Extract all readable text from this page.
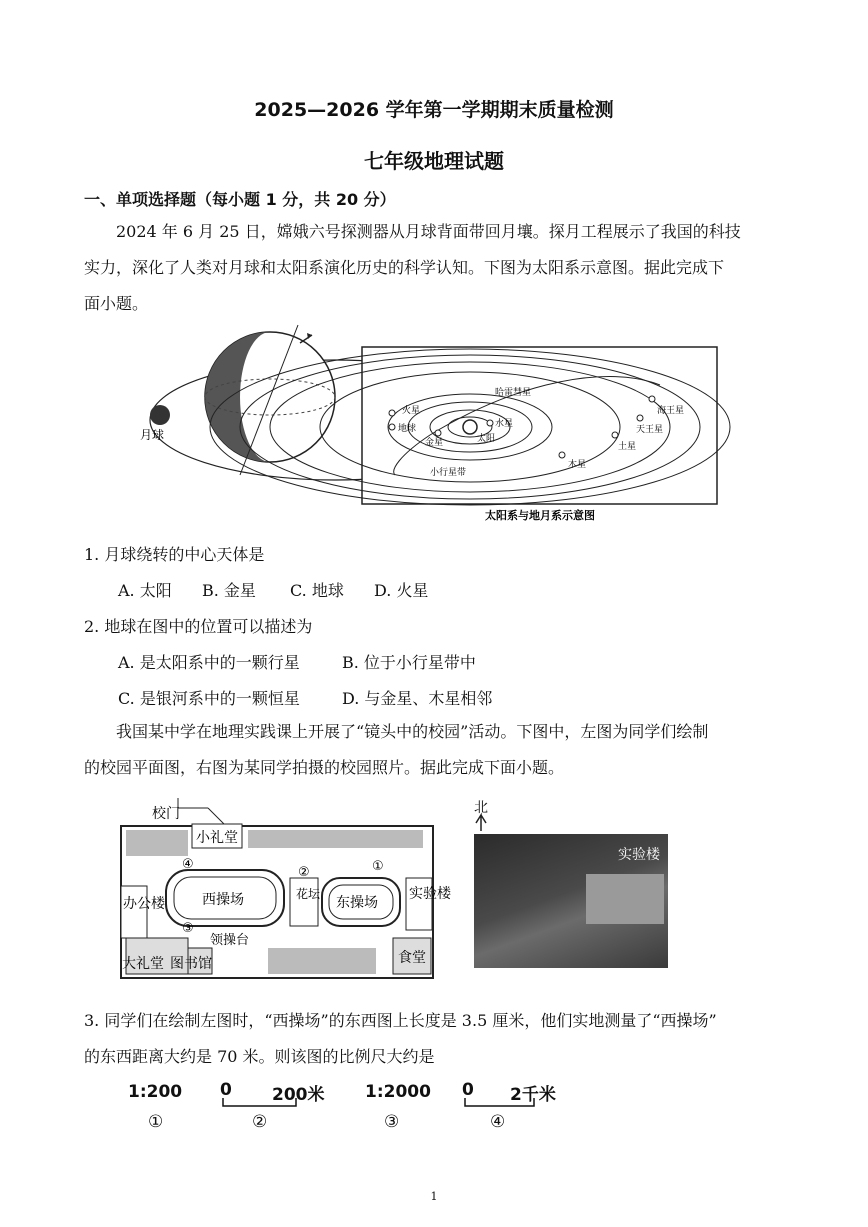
2025—2026 学年第一学期期末质量检测
七年级地理试题
一、单项选择题（每小题 1 分，共 20 分）
2024 年 6 月 25 日，嫦娥六号探测器从月球背面带回月壤。探月工程展示了我国的科技
实力，深化了人类对月球和太阳系演化历史的科学认知。下图为太阳系示意图。据此完成下
面小题。
月球	太阳
水星
金星
地球
火星
木星
土星
天王星
海王星
哈雷彗星
小行星带
太阳系与地月系示意图
1. 月球绕转的中心天体是
A. 太阳 B. 金星 C. 地球 D. 火星
2. 地球在图中的位置可以描述为
A. 是太阳系中的一颗行星	B. 位于小行星带中
C. 是银河系中的一颗恒星	D. 与金星、木星相邻
我国某中学在地理实践课上开展了“镜头中的校园”活动。下图中，左图为同学们绘制
的校园平面图，右图为某同学拍摄的校园照片。据此完成下面小题。
校门
小礼堂
西操场	东操场
花坛
办公楼
实验楼
领操台
大礼堂 图书馆	食堂
①
②
③
④
北
实验楼
3. 同学们在绘制左图时，“西操场”的东西图上长度是 3.5 厘米，他们实地测量了“西操场”
的东西距离大约是 70 米。则该图的比例尺大约是
1:200
①
0 200米
②
1:2000
③
0 2千米
④
1
